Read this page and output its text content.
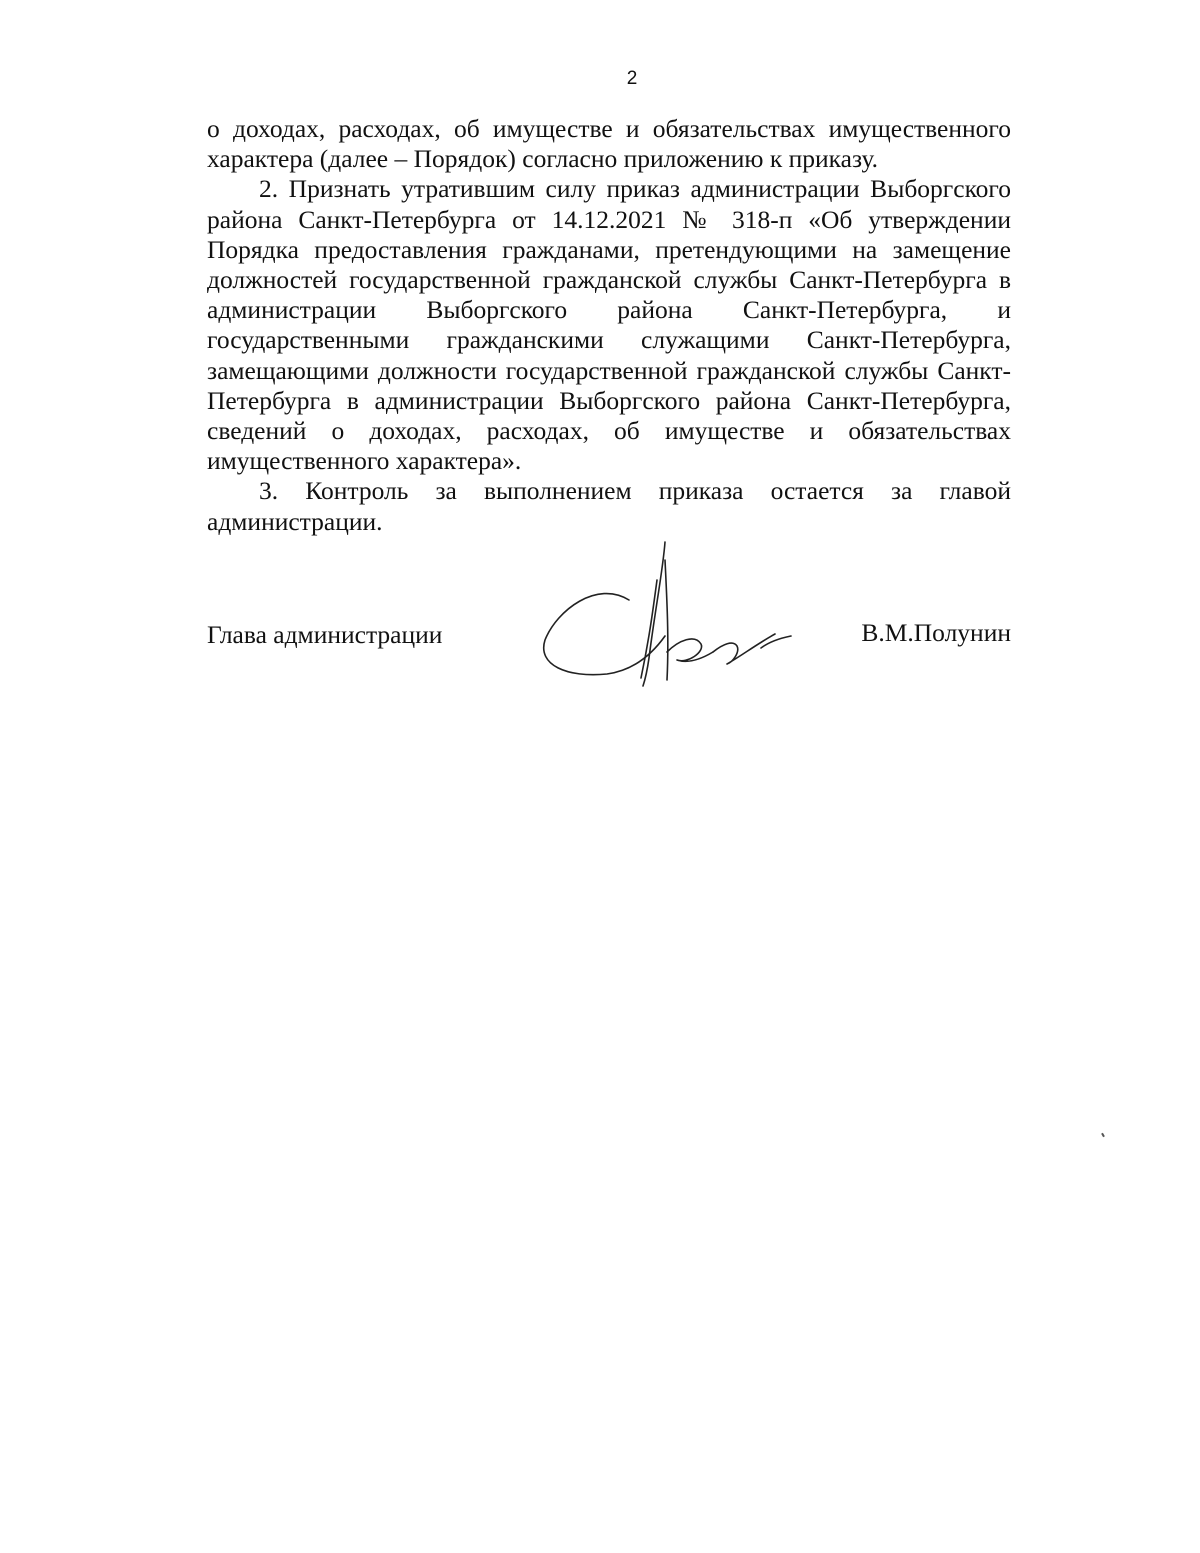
2

о доходах, расходах, об имуществе и обязательствах имущественного характера (далее – Порядок) согласно приложению к приказу.

2. Признать утратившим силу приказ администрации Выборгского района Санкт-Петербурга от 14.12.2021 № 318-п «Об утверждении Порядка предоставления гражданами, претендующими на замещение должностей государственной гражданской службы Санкт-Петербурга в администрации Выборгского района Санкт-Петербурга, и государственными гражданскими служащими Санкт-Петербурга, замещающими должности государственной гражданской службы Санкт-Петербурга в администрации Выборгского района Санкт-Петербурга, сведений о доходах, расходах, об имуществе и обязательствах имущественного характера».

3. Контроль за выполнением приказа остается за главой администрации.

Глава администрации	В.М.Полунин
